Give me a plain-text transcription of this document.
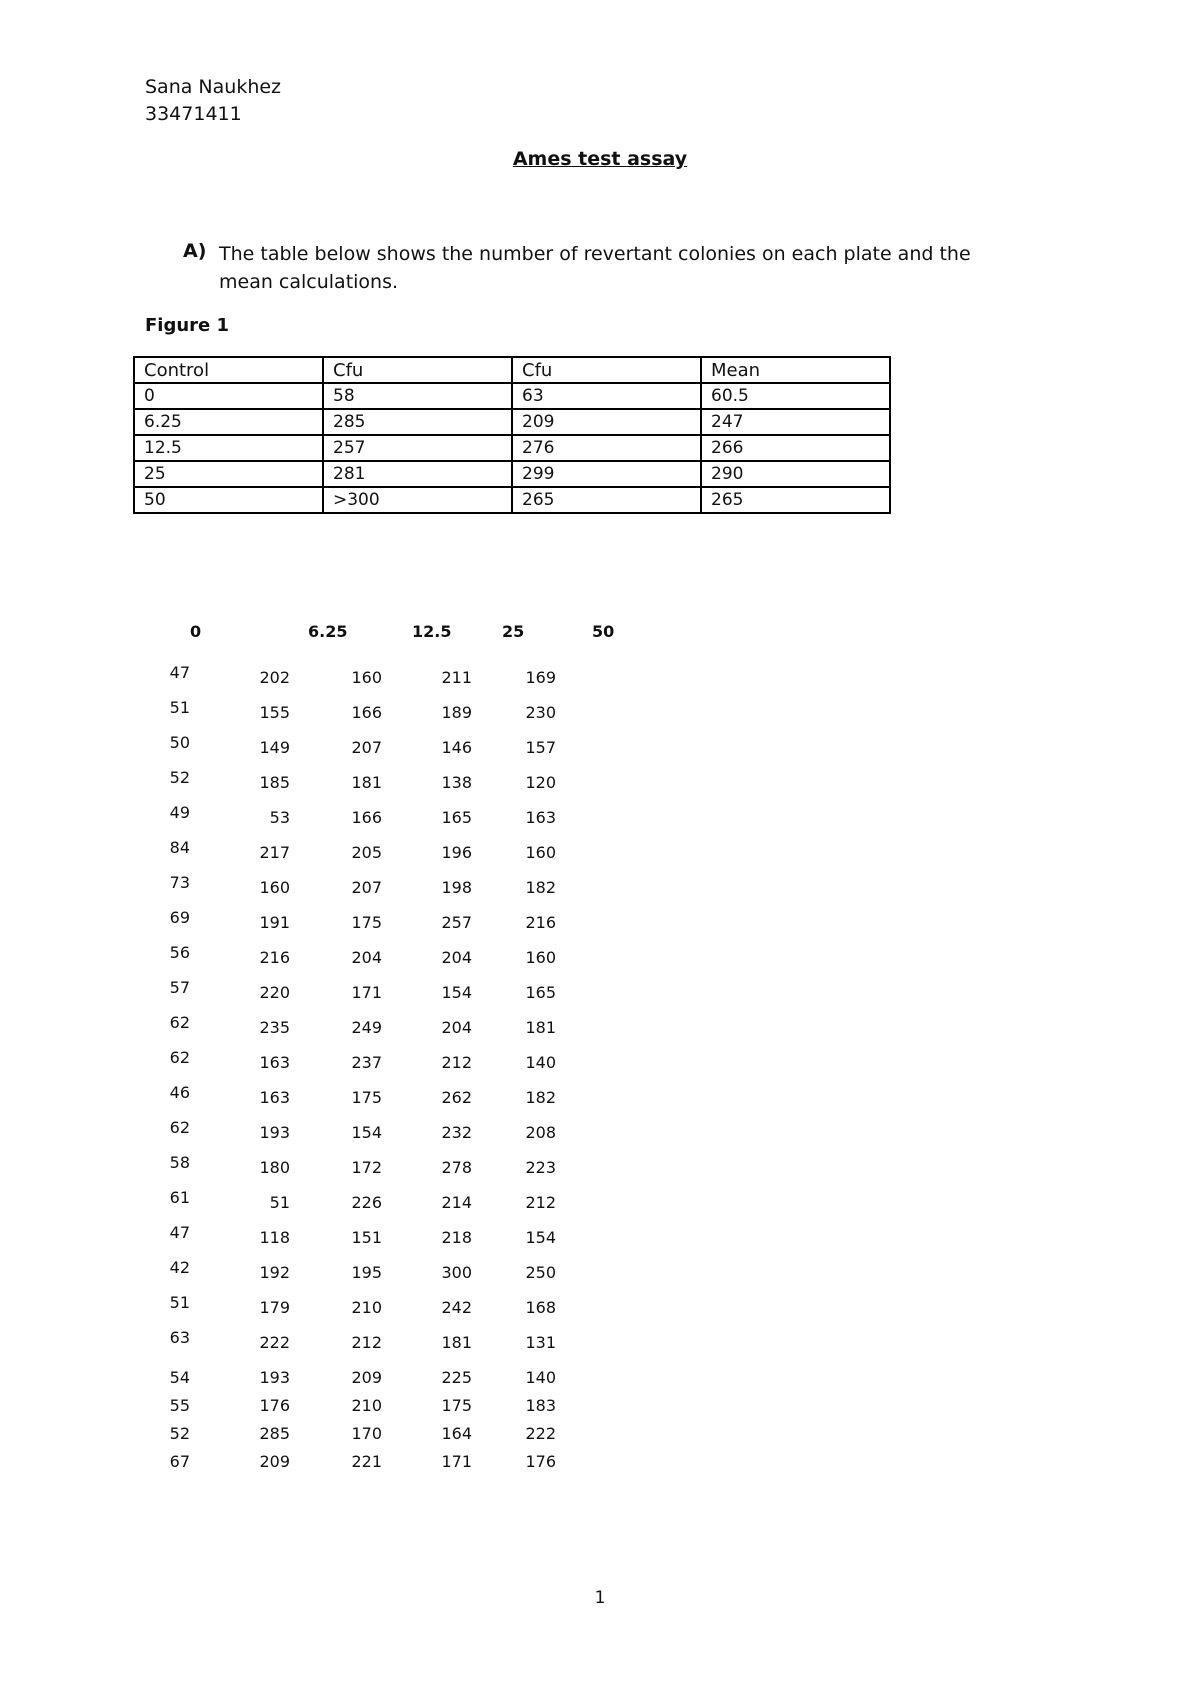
Sana Naukhez
33471411
Ames test assay
A) The table below shows the number of revertant colonies on each plate and the mean calculations.
Figure 1
Control	Cfu	Cfu	Mean
0	58	63	60.5
6.25	285	209	247
12.5	257	276	266
25	281	299	290
50	>300	265	265
0	6.25	12.5	25	50
47	202	160	211	169
51	155	166	189	230
50	149	207	146	157
52	185	181	138	120
49	53	166	165	163
84	217	205	196	160
73	160	207	198	182
69	191	175	257	216
56	216	204	204	160
57	220	171	154	165
62	235	249	204	181
62	163	237	212	140
46	163	175	262	182
62	193	154	232	208
58	180	172	278	223
61	51	226	214	212
47	118	151	218	154
42	192	195	300	250
51	179	210	242	168
63	222	212	181	131
54	193	209	225	140
55	176	210	175	183
52	285	170	164	222
67	209	221	171	176
1
